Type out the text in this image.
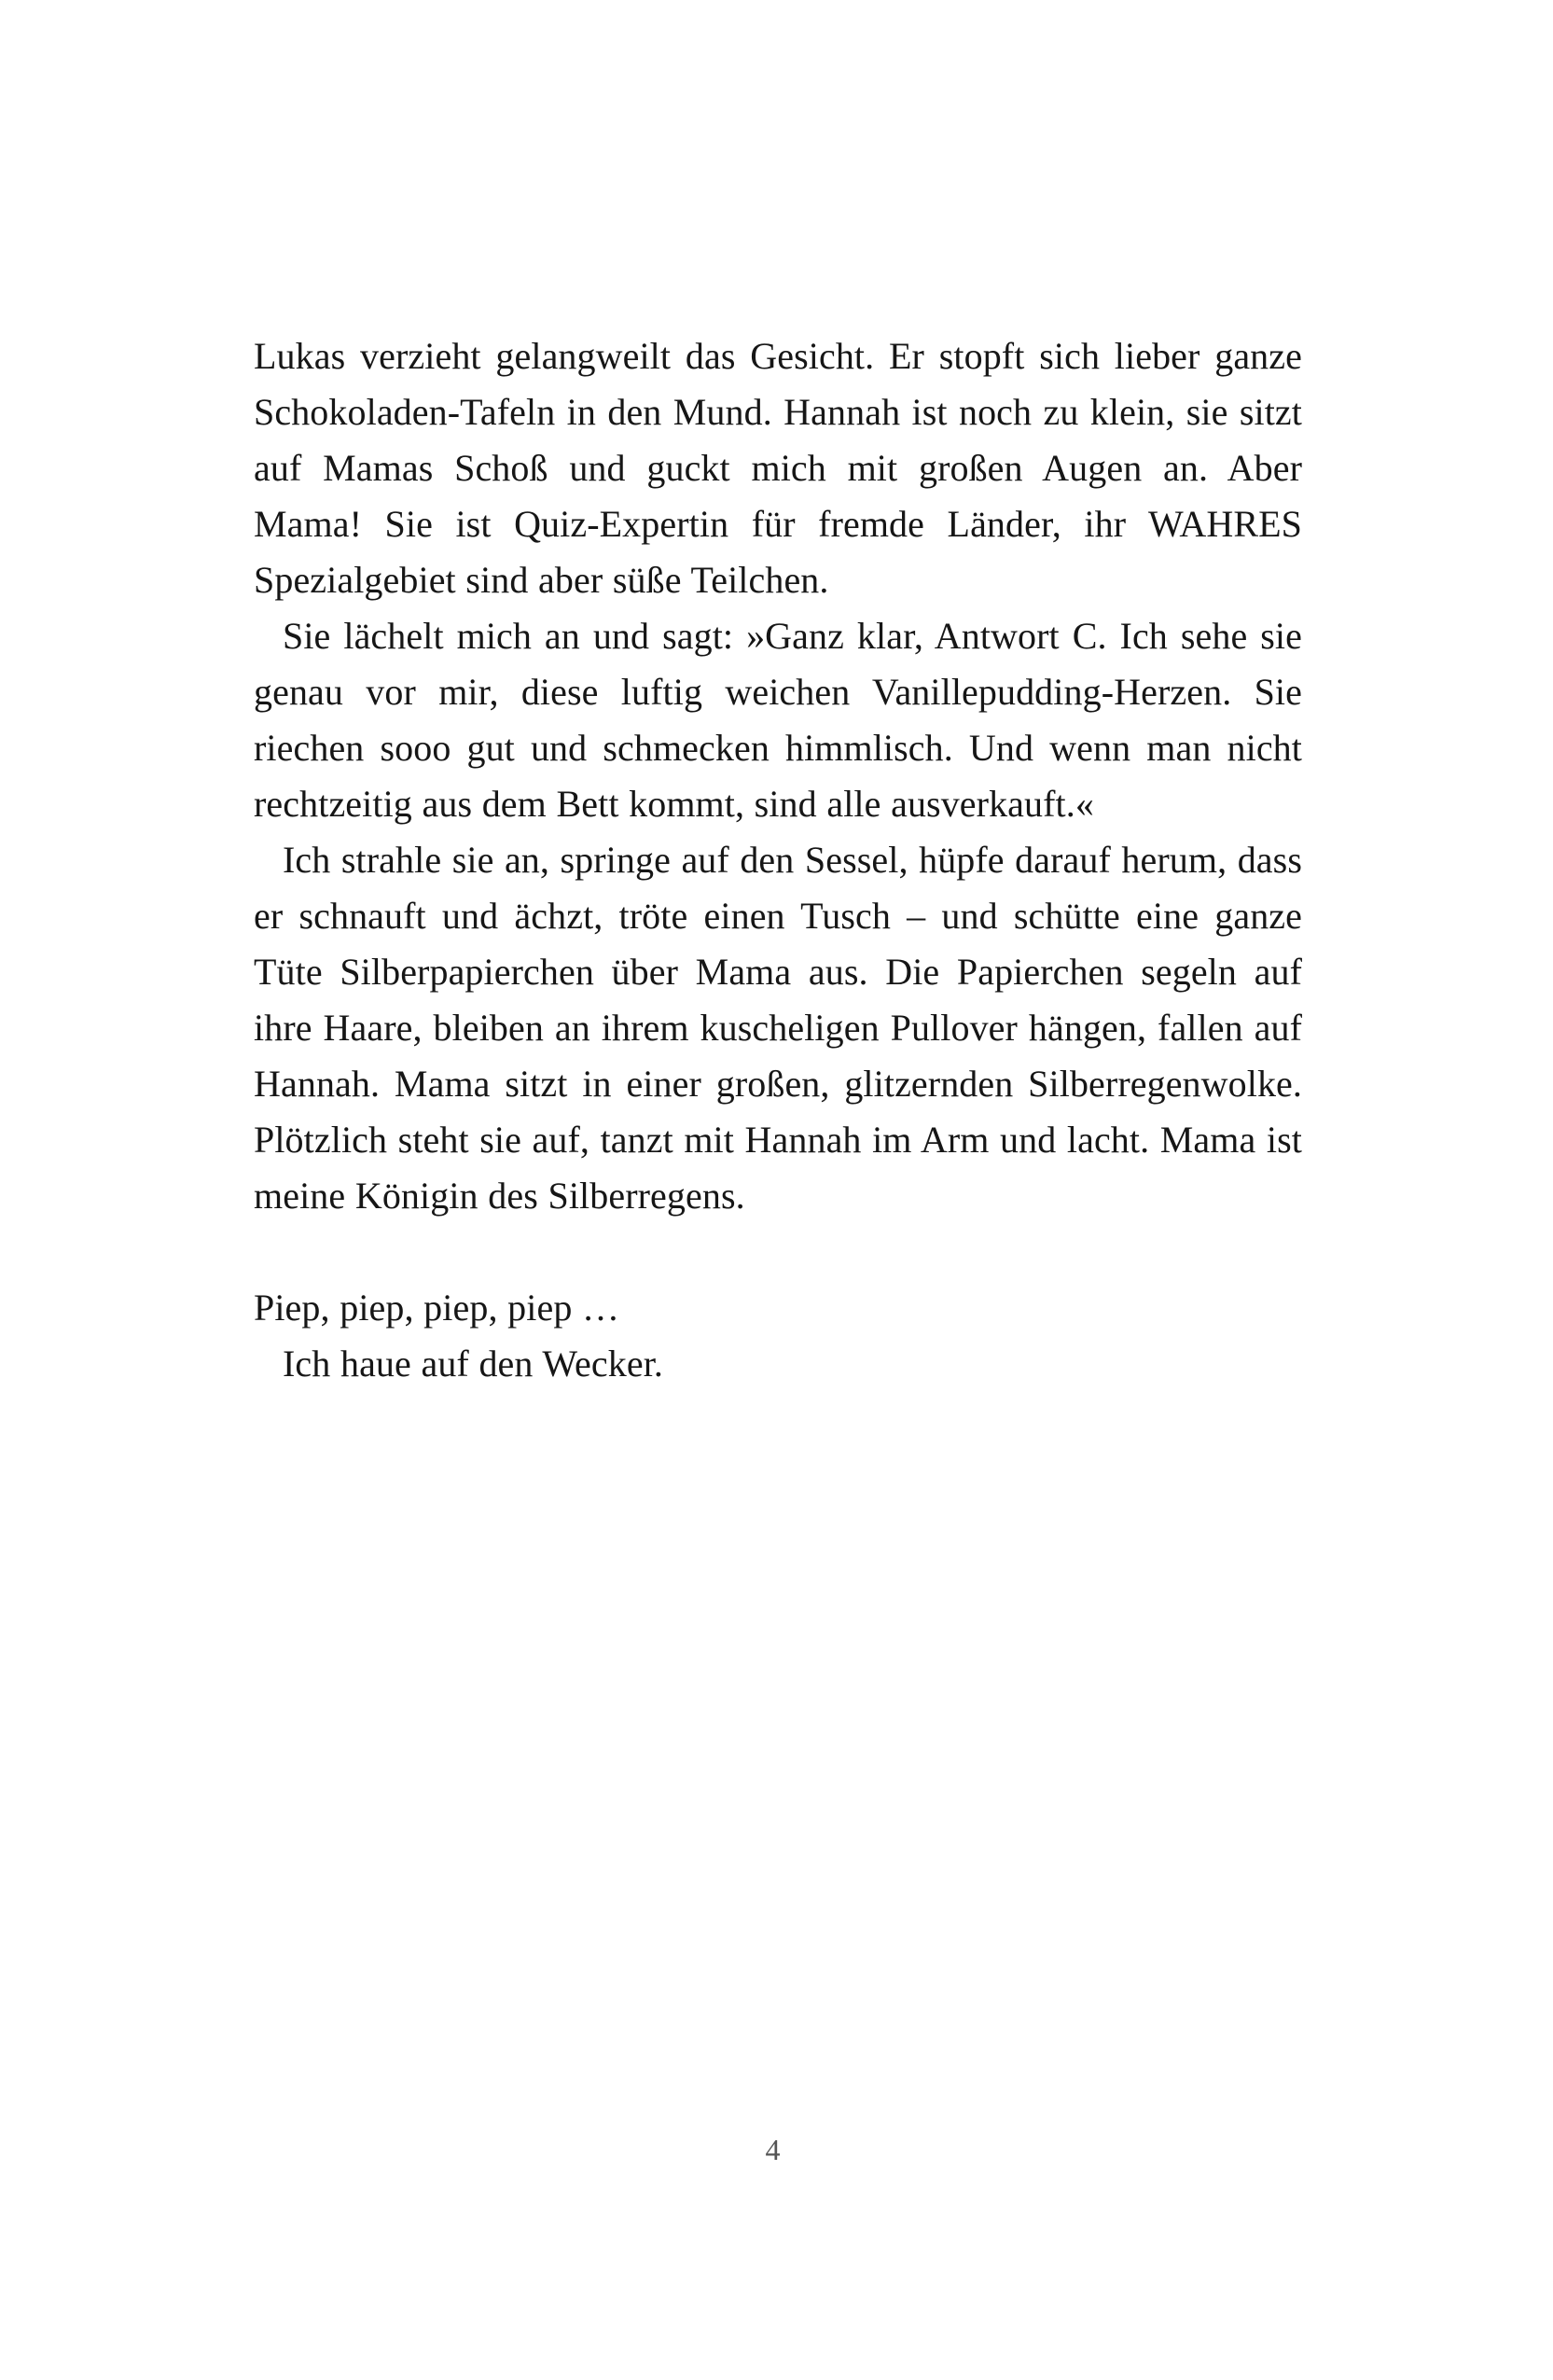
Lukas verzieht gelangweilt das Gesicht. Er stopft sich lieber ganze Schokoladen-Tafeln in den Mund. Hannah ist noch zu klein, sie sitzt auf Mamas Schoß und guckt mich mit großen Augen an. Aber Mama! Sie ist Quiz-Expertin für fremde Länder, ihr WAHRES Spezialgebiet sind aber süße Teilchen.

Sie lächelt mich an und sagt: »Ganz klar, Antwort C. Ich sehe sie genau vor mir, diese luftig weichen Vanillepudding-Herzen. Sie riechen sooo gut und schmecken himmlisch. Und wenn man nicht rechtzeitig aus dem Bett kommt, sind alle ausverkauft.«

Ich strahle sie an, springe auf den Sessel, hüpfe darauf herum, dass er schnauft und ächzt, tröte einen Tusch – und schütte eine ganze Tüte Silberpapierchen über Mama aus. Die Papierchen segeln auf ihre Haare, bleiben an ihrem kuscheligen Pullover hängen, fallen auf Hannah. Mama sitzt in einer großen, glitzernden Silberregenwolke. Plötzlich steht sie auf, tanzt mit Hannah im Arm und lacht. Mama ist meine Königin des Silberregens.

Piep, piep, piep, piep …

Ich haue auf den Wecker.

4
